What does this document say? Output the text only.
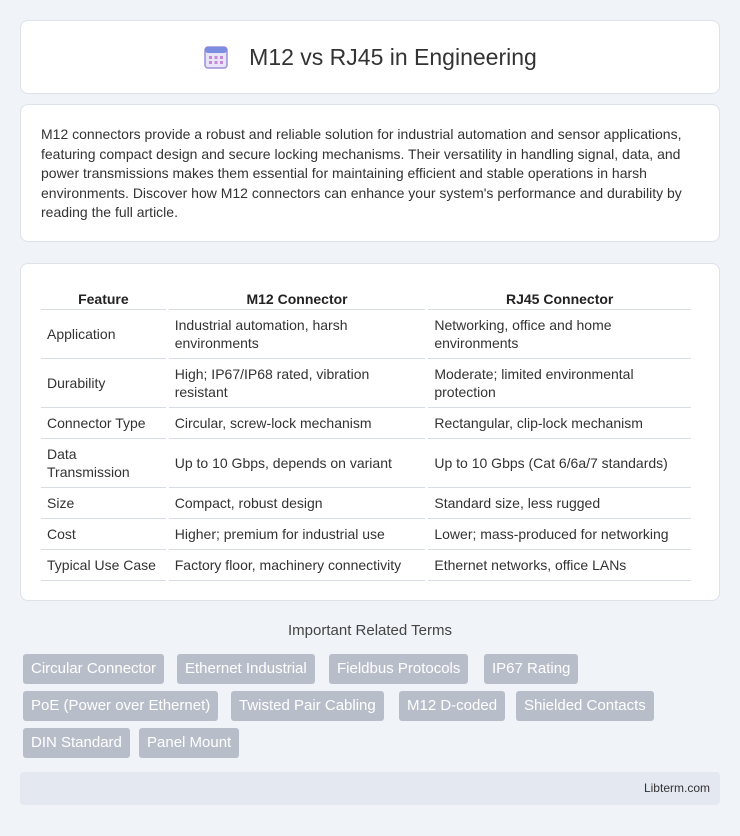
M12 vs RJ45 in Engineering

M12 connectors provide a robust and reliable solution for industrial automation and sensor applications, featuring compact design and secure locking mechanisms. Their versatility in handling signal, data, and power transmissions makes them essential for maintaining efficient and stable operations in harsh environments. Discover how M12 connectors can enhance your system's performance and durability by reading the full article.

Feature	M12 Connector	RJ45 Connector
Application	Industrial automation, harsh environments	Networking, office and home environments
Durability	High; IP67/IP68 rated, vibration resistant	Moderate; limited environmental protection
Connector Type	Circular, screw-lock mechanism	Rectangular, clip-lock mechanism
Data Transmission	Up to 10 Gbps, depends on variant	Up to 10 Gbps (Cat 6/6a/7 standards)
Size	Compact, robust design	Standard size, less rugged
Cost	Higher; premium for industrial use	Lower; mass-produced for networking
Typical Use Case	Factory floor, machinery connectivity	Ethernet networks, office LANs
Important Related Terms
Circular Connector	Ethernet Industrial	Fieldbus Protocols	IP67 Rating
PoE (Power over Ethernet)	Twisted Pair Cabling	M12 D-coded	Shielded Contacts
DIN Standard	Panel Mount
Libterm.com
